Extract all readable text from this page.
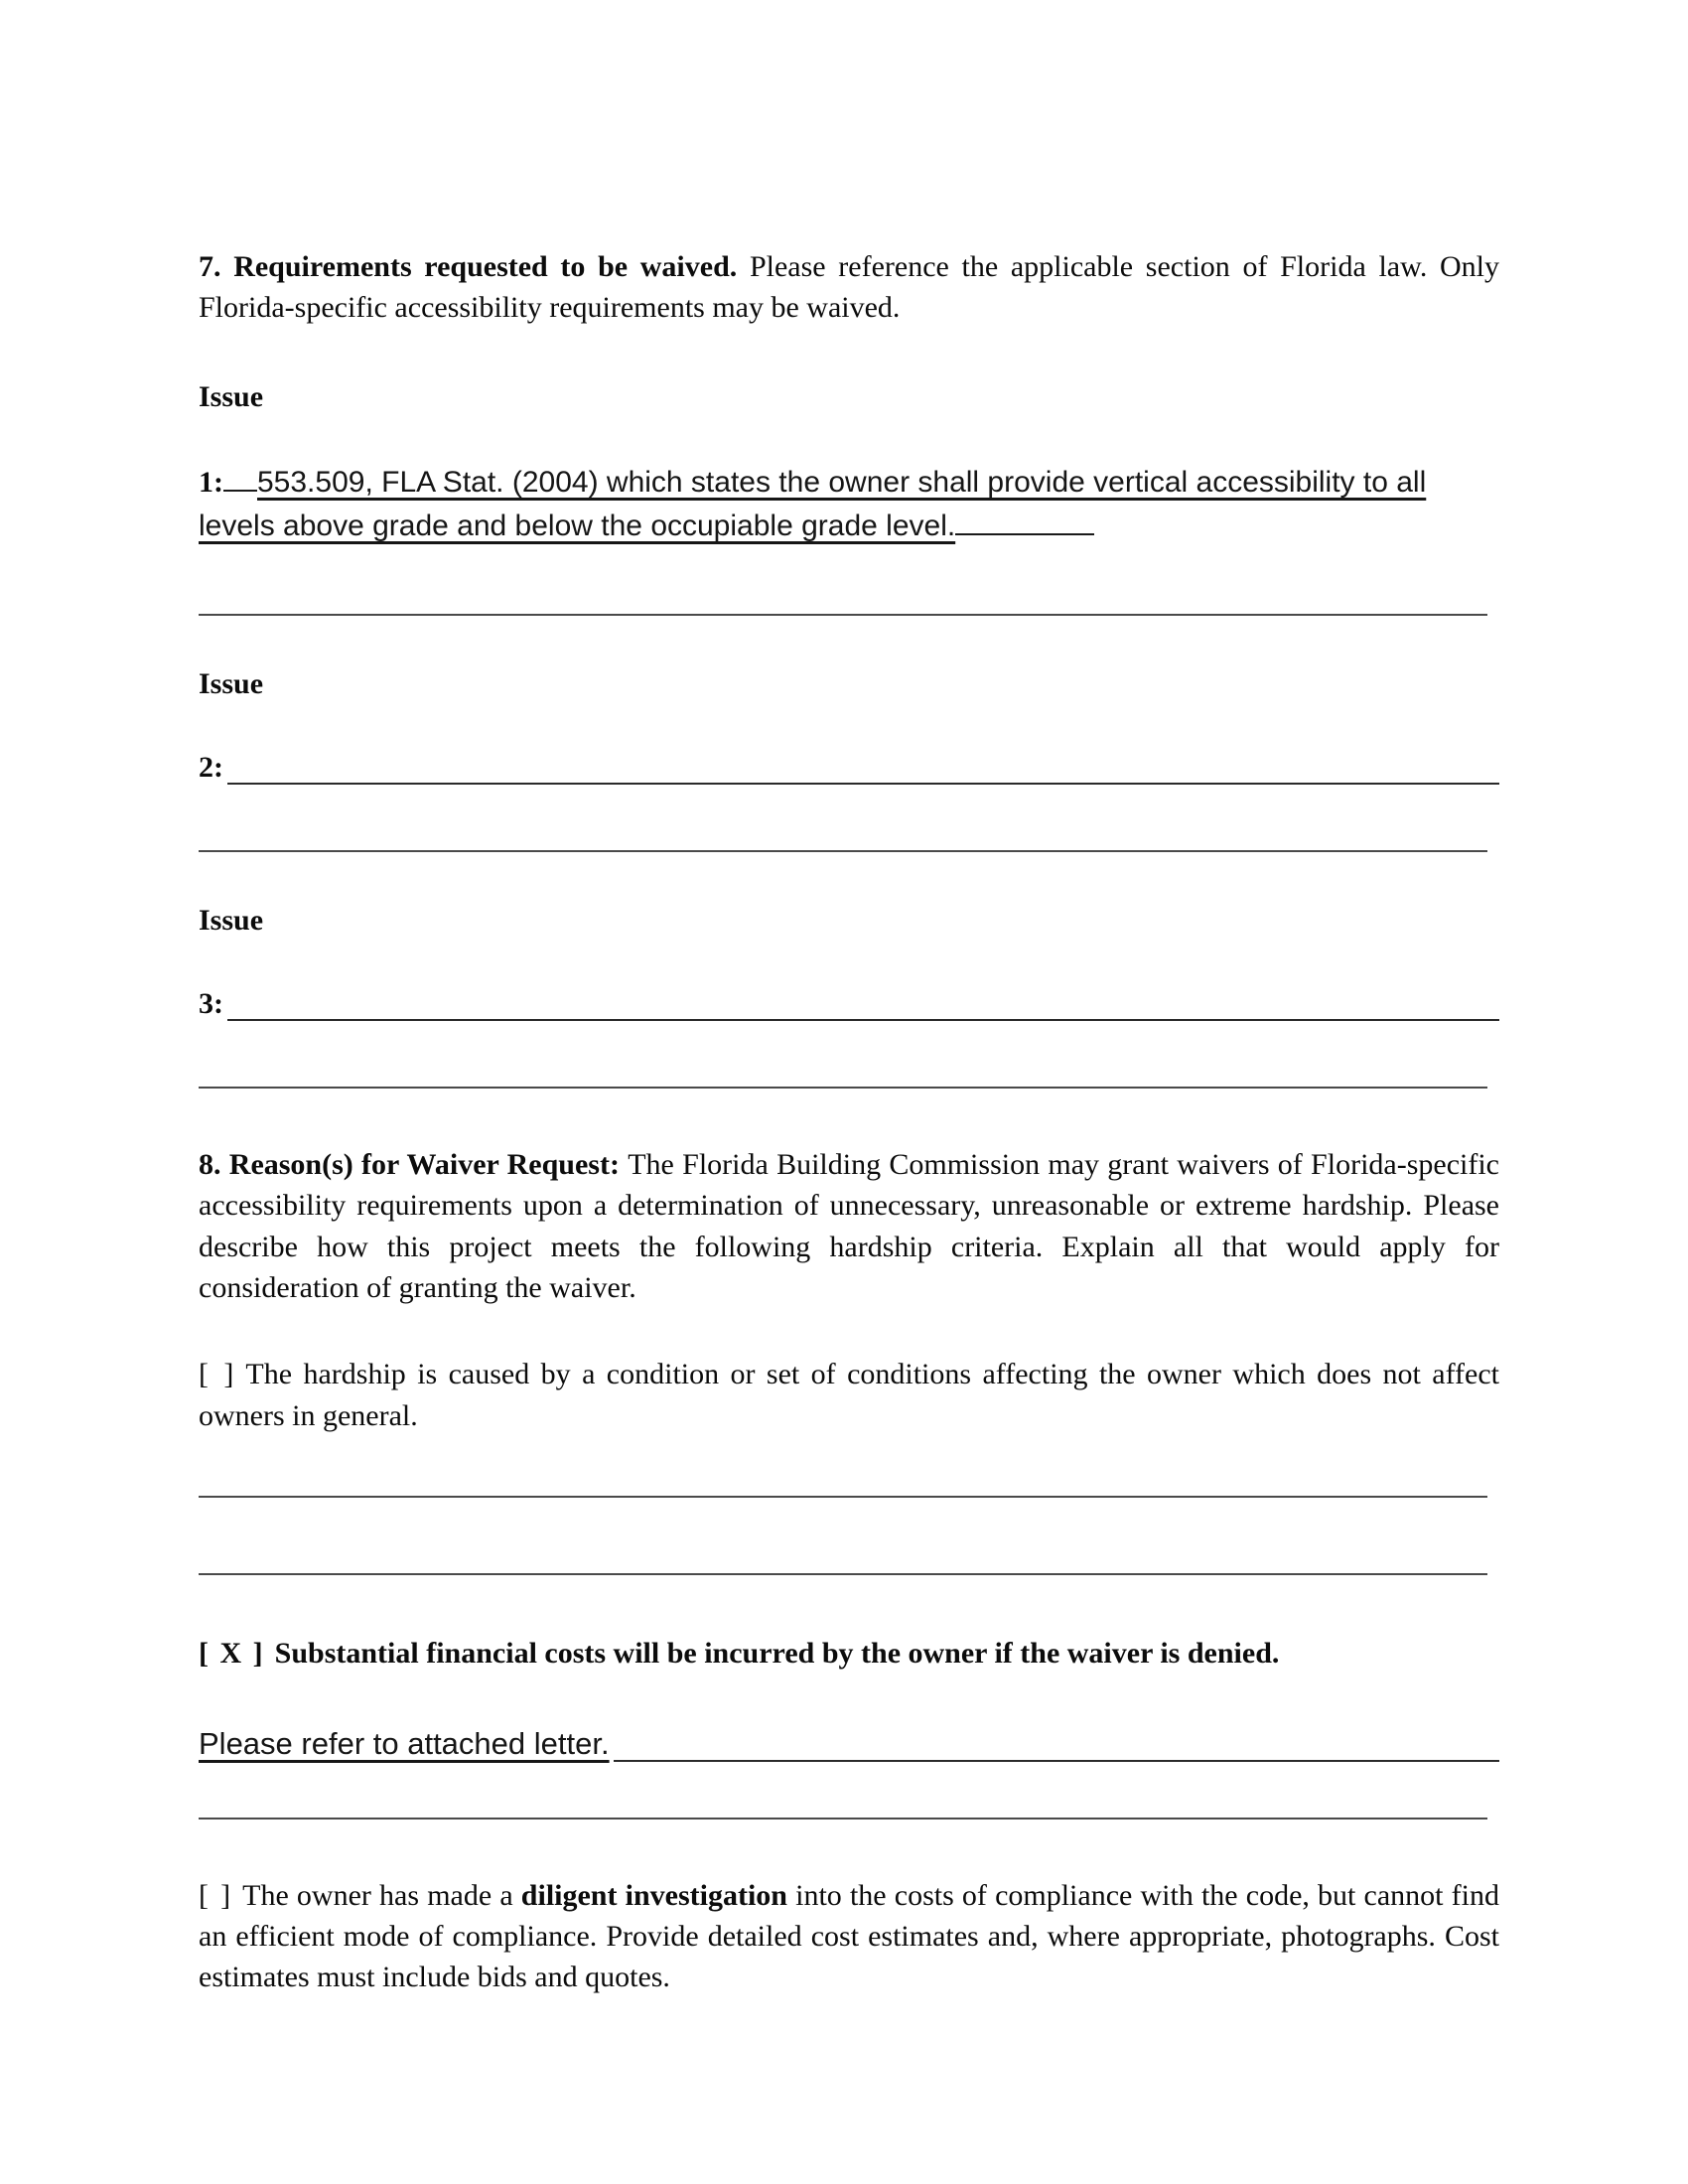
7. Requirements requested to be waived. Please reference the applicable section of Florida law. Only Florida-specific accessibility requirements may be waived.

Issue

1: 553.509, FLA Stat. (2004) which states the owner shall provide vertical accessibility to all levels above grade and below the occupiable grade level.

Issue

2:

Issue

3:

8. Reason(s) for Waiver Request: The Florida Building Commission may grant waivers of Florida-specific accessibility requirements upon a determination of unnecessary, unreasonable or extreme hardship. Please describe how this project meets the following hardship criteria. Explain all that would apply for consideration of granting the waiver.

[ ] The hardship is caused by a condition or set of conditions affecting the owner which does not affect owners in general.

[ X ] Substantial financial costs will be incurred by the owner if the waiver is denied.

Please refer to attached letter.

[ ] The owner has made a diligent investigation into the costs of compliance with the code, but cannot find an efficient mode of compliance. Provide detailed cost estimates and, where appropriate, photographs. Cost estimates must include bids and quotes.
